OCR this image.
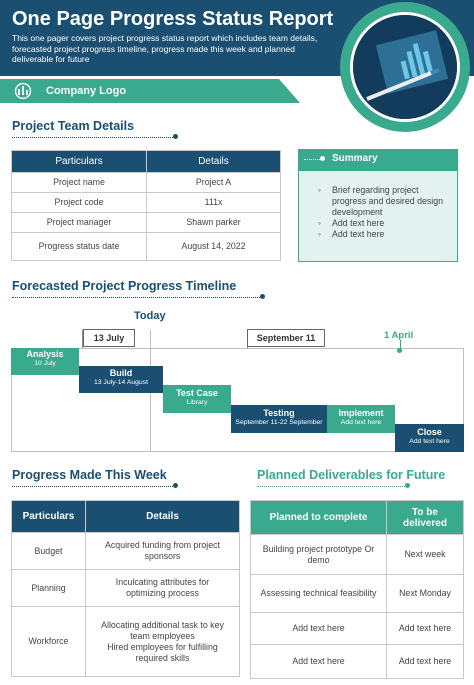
One Page Progress Status Report
This one pager covers project progress status report which includes team details, forecasted project progress timeline, progress made this week and planned deliverable for future
Company Logo
Project Team Details
Particulars	Details
Project name	Project A
Project code	111x
Project manager	Shawn parker
Progress status date	August 14, 2022
Summary
◦ Brief regarding project progress and desired design development
◦ Add text here
◦ Add text here
Forecasted Project Progress Timeline
Today
13 July	September 11	1 April
Analysis
10 July
Build
13 July-14 August
Test Case
Library
Testing
September 11-22 September
Implement
Add text here
Close
Add text here
Progress Made This Week
Particulars	Details
Budget	Acquired funding from project sponsors
Planning	Inculcating attributes for optimizing process
Workforce	Allocating additional task to key team employees
Hired employees for fulfilling required skills
Planned Deliverables for Future
Planned to complete	To be delivered
Building project prototype Or demo	Next week
Assessing technical feasibility	Next Monday
Add text here	Add text here
Add text here	Add text here
